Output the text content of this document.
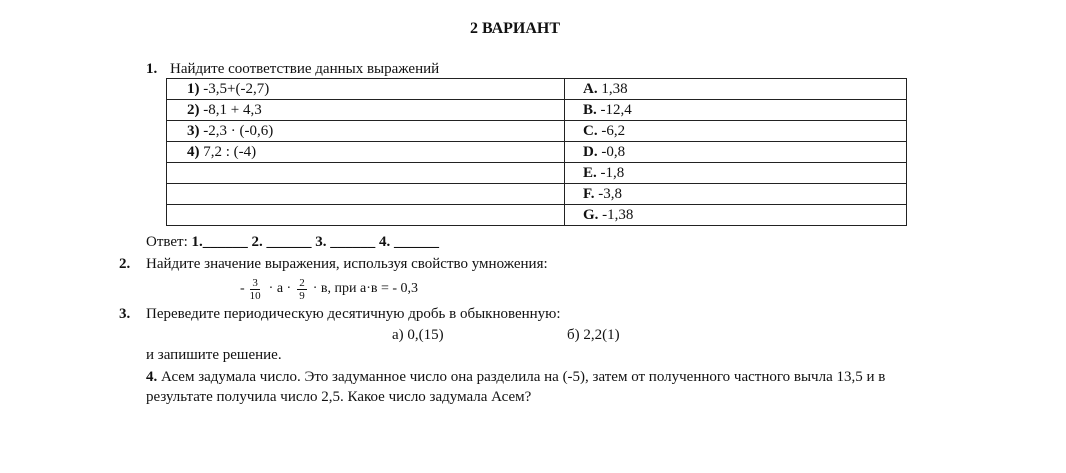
2 ВАРИАНТ
1. Найдите соответствие данных выражений
1) -3,5+(-2,7)	A. 1,38
2) -8,1 + 4,3	B. -12,4
3) -2,3 · (-0,6)	C. -6,2
4) 7,2 : (-4)	D. -0,8
	E. -1,8
	F. -3,8
	G. -1,38
Ответ: 1.______ 2. ______ 3. ______ 4. ______
2. Найдите значение выражения, используя свойство умножения:
- $\frac{3}{10} \cdot а \cdot \frac{2}{9} \cdot в$, при а·в = - 0,3
3. Переведите периодическую десятичную дробь в обыкновенную:
а) 0,(15)	б) 2,2(1)
и запишите решение.
4. Асем задумала число. Это задуманное число она разделила на (-5), затем от полученного частного вычла 13,5 и в результате получила число 2,5. Какое число задумала Асем?
